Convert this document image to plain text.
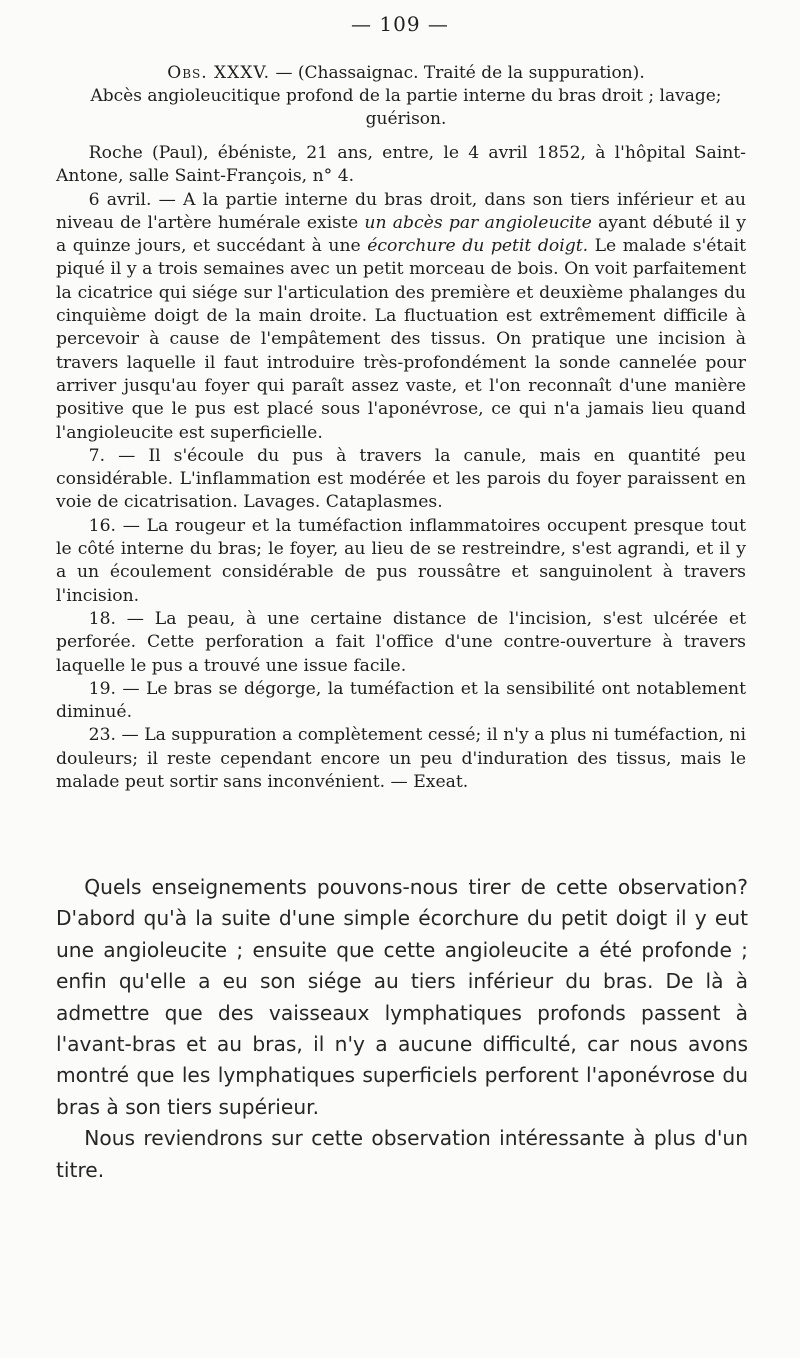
— 109 —

Obs. XXXV. — (Chassaignac. Traité de la suppuration).

Abcès angioleucitique profond de la partie interne du bras droit ; lavage; guérison.

Roche (Paul), ébéniste, 21 ans, entre, le 4 avril 1852, à l'hôpital Saint-Antone, salle Saint-François, n° 4.

6 avril. — A la partie interne du bras droit, dans son tiers inférieur et au niveau de l'artère humérale existe un abcès par angioleucite ayant débuté il y a quinze jours, et succédant à une écorchure du petit doigt. Le malade s'était piqué il y a trois semaines avec un petit morceau de bois. On voit parfaitement la cicatrice qui siége sur l'articulation des première et deuxième phalanges du cinquième doigt de la main droite. La fluctuation est extrêmement difficile à percevoir à cause de l'empâtement des tissus. On pratique une incision à travers laquelle il faut introduire très-profondément la sonde cannelée pour arriver jusqu'au foyer qui paraît assez vaste, et l'on reconnaît d'une manière positive que le pus est placé sous l'aponévrose, ce qui n'a jamais lieu quand l'angioleucite est superficielle.

7. — Il s'écoule du pus à travers la canule, mais en quantité peu considérable. L'inflammation est modérée et les parois du foyer paraissent en voie de cicatrisation. Lavages. Cataplasmes.

16. — La rougeur et la tuméfaction inflammatoires occupent presque tout le côté interne du bras; le foyer, au lieu de se restreindre, s'est agrandi, et il y a un écoulement considérable de pus roussâtre et sanguinolent à travers l'incision.

18. — La peau, à une certaine distance de l'incision, s'est ulcérée et perforée. Cette perforation a fait l'office d'une contre-ouverture à travers laquelle le pus a trouvé une issue facile.

19. — Le bras se dégorge, la tuméfaction et la sensibilité ont notablement diminué.

23. — La suppuration a complètement cessé; il n'y a plus ni tuméfaction, ni douleurs; il reste cependant encore un peu d'induration des tissus, mais le malade peut sortir sans inconvénient. — Exeat.

Quels enseignements pouvons-nous tirer de cette observation? D'abord qu'à la suite d'une simple écorchure du petit doigt il y eut une angioleucite ; ensuite que cette angioleucite a été profonde ; enfin qu'elle a eu son siége au tiers inférieur du bras. De là à admettre que des vaisseaux lymphatiques profonds passent à l'avant-bras et au bras, il n'y a aucune difficulté, car nous avons montré que les lymphatiques superficiels perforent l'aponévrose du bras à son tiers supérieur.

Nous reviendrons sur cette observation intéressante à plus d'un titre.
